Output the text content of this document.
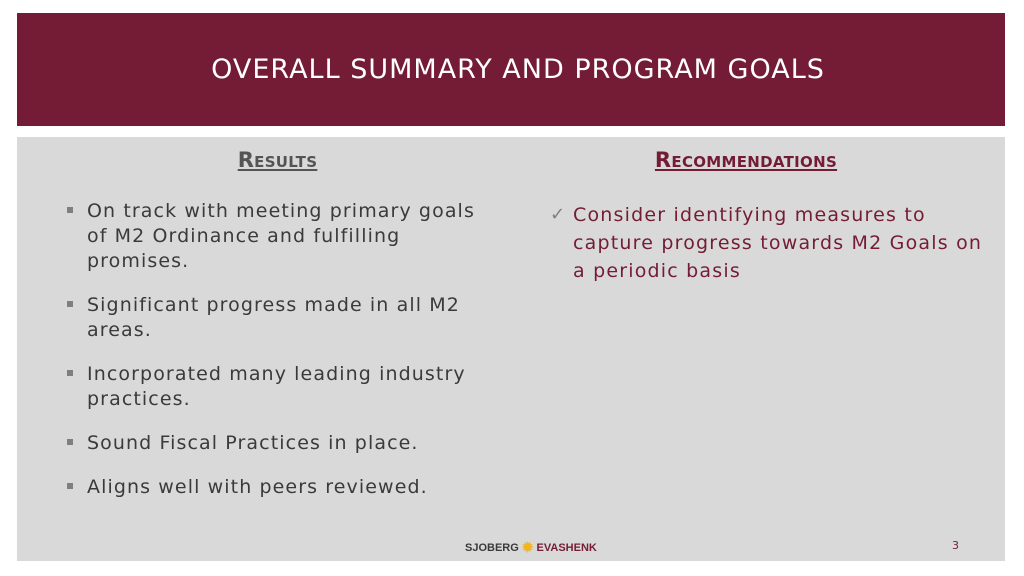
OVERALL SUMMARY AND PROGRAM GOALS
Results	Recommendations
On track with meeting primary goals of M2 Ordinance and fulfilling promises.
Significant progress made in all M2 areas.
Incorporated many leading industry practices.
Sound Fiscal Practices in place.
Aligns well with peers reviewed.
✓ Consider identifying measures to capture progress towards M2 Goals on a periodic basis
SJOBERG ✹ EVASHENK	3
